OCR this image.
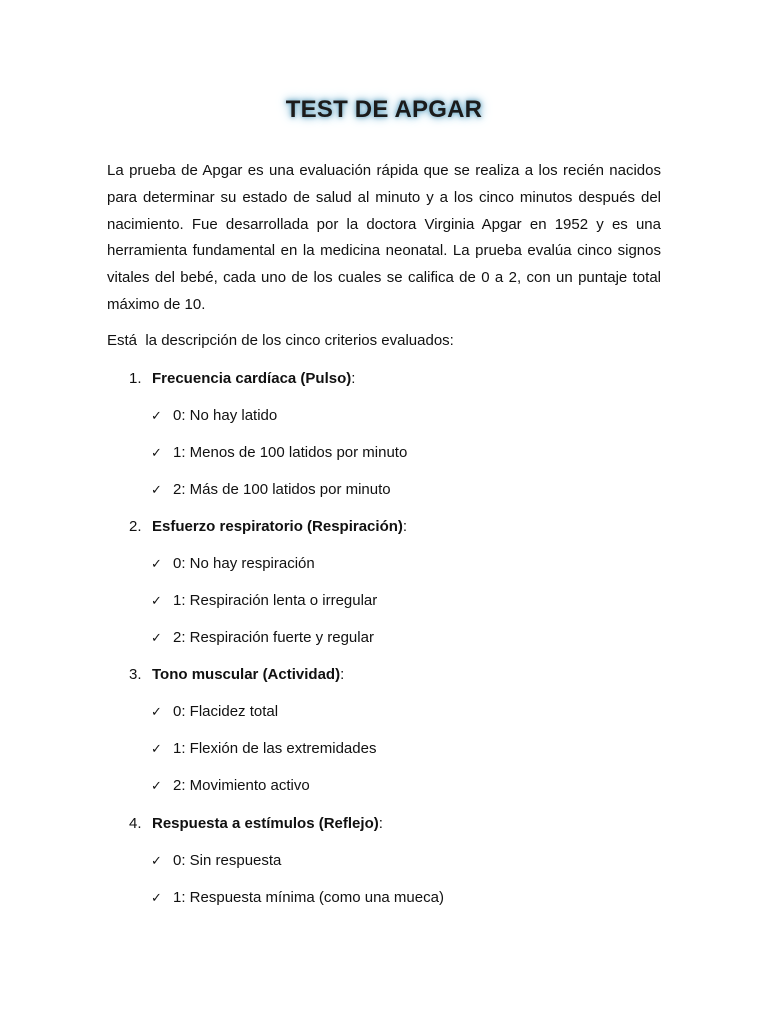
TEST DE APGAR

La prueba de Apgar es una evaluación rápida que se realiza a los recién nacidos para determinar su estado de salud al minuto y a los cinco minutos después del nacimiento. Fue desarrollada por la doctora Virginia Apgar en 1952 y es una herramienta fundamental en la medicina neonatal. La prueba evalúa cinco signos vitales del bebé, cada uno de los cuales se califica de 0 a 2, con un puntaje total máximo de 10.

Está  la descripción de los cinco criterios evaluados:

1. Frecuencia cardíaca (Pulso):
✓ 0: No hay latido
✓ 1: Menos de 100 latidos por minuto
✓ 2: Más de 100 latidos por minuto
2. Esfuerzo respiratorio (Respiración):
✓ 0: No hay respiración
✓ 1: Respiración lenta o irregular
✓ 2: Respiración fuerte y regular
3. Tono muscular (Actividad):
✓ 0: Flacidez total
✓ 1: Flexión de las extremidades
✓ 2: Movimiento activo
4. Respuesta a estímulos (Reflejo):
✓ 0: Sin respuesta
✓ 1: Respuesta mínima (como una mueca)
